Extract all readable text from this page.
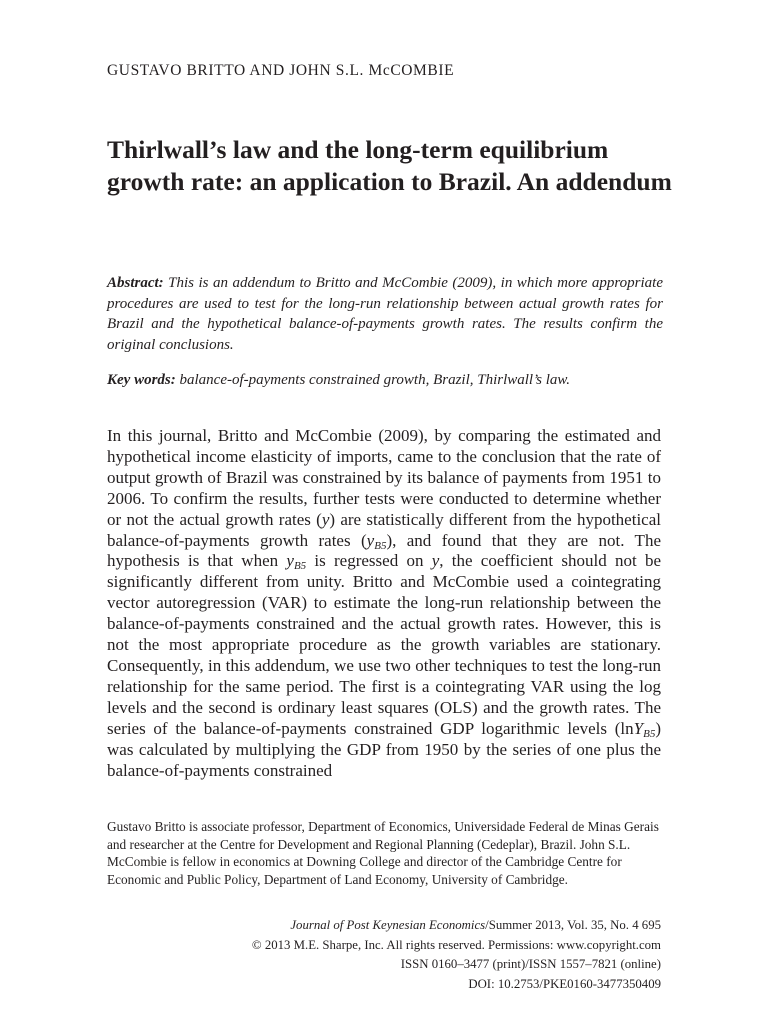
GUSTAVO BRITTO AND JOHN S.L. McCOMBIE
Thirlwall’s law and the long-term equilibrium growth rate: an application to Brazil. An addendum
Abstract: This is an addendum to Britto and McCombie (2009), in which more appropriate procedures are used to test for the long-run relationship between actual growth rates for Brazil and the hypothetical balance-of-payments growth rates. The results confirm the original conclusions.
Key words: balance-of-payments constrained growth, Brazil, Thirlwall’s law.
In this journal, Britto and McCombie (2009), by comparing the estimated and hypothetical income elasticity of imports, came to the conclusion that the rate of output growth of Brazil was constrained by its balance of payments from 1951 to 2006. To confirm the results, further tests were conducted to determine whether or not the actual growth rates (y) are statistically different from the hypothetical balance-of-payments growth rates $(y_{B5})$, and found that they are not. The hypothesis is that when $y_{B5}$ is regressed on y, the coefficient should not be significantly different from unity. Britto and McCombie used a cointegrating vector autoregression (VAR) to estimate the long-run relationship between the balance-of-payments constrained and the actual growth rates. However, this is not the most appropriate procedure as the growth variables are stationary. Consequently, in this addendum, we use two other techniques to test the long-run relationship for the same period. The first is a cointegrating VAR using the log levels and the second is ordinary least squares (OLS) and the growth rates. The series of the balance-of-payments constrained GDP logarithmic levels (lnY$_{B5}$) was calculated by multiplying the GDP from 1950 by the series of one plus the balance-of-payments constrained
Gustavo Britto is associate professor, Department of Economics, Universidade Federal de Minas Gerais and researcher at the Centre for Development and Regional Planning (Cedeplar), Brazil. John S.L. McCombie is fellow in economics at Downing College and director of the Cambridge Centre for Economic and Public Policy, Department of Land Economy, University of Cambridge.
Journal of Post Keynesian Economics/Summer 2013, Vol. 35, No. 4 695
© 2013 M.E. Sharpe, Inc. All rights reserved. Permissions: www.copyright.com
ISSN 0160–3477 (print)/ISSN 1557–7821 (online)
DOI: 10.2753/PKE0160-3477350409
